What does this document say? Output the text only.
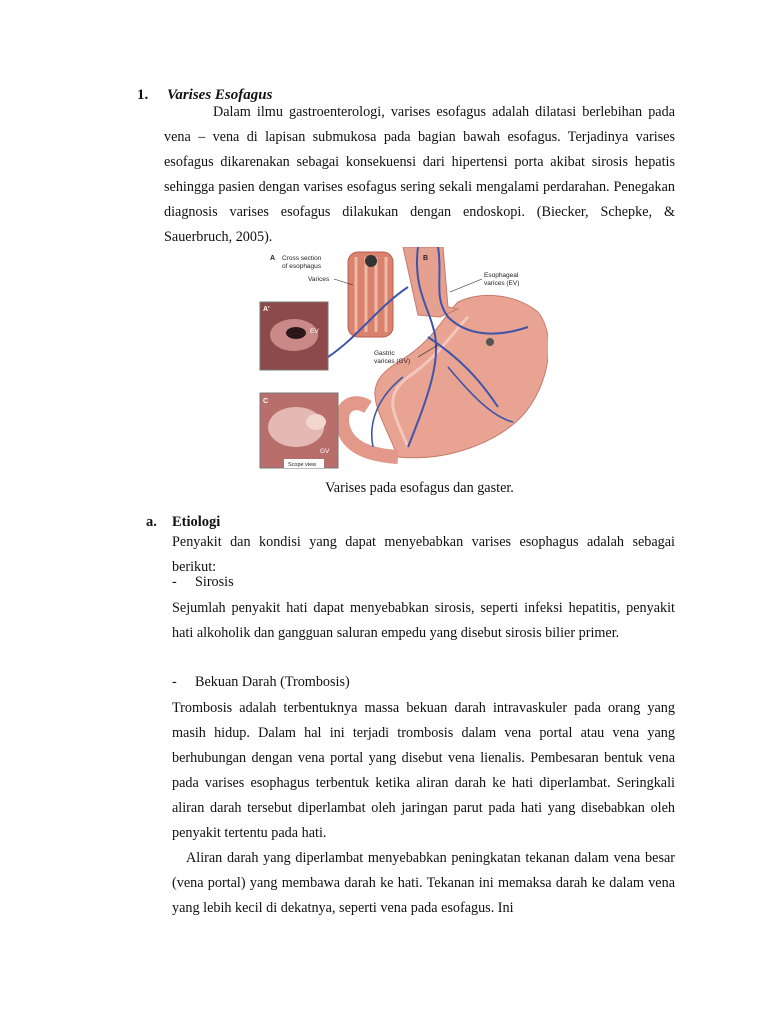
1. Varises Esofagus

Dalam ilmu gastroenterologi, varises esofagus adalah dilatasi berlebihan pada vena – vena di lapisan submukosa pada bagian bawah esofagus. Terjadinya varises esofagus dikarenakan sebagai konsekuensi dari hipertensi porta akibat sirosis hepatis sehingga pasien dengan varises esofagus sering sekali mengalami perdarahan. Penegakan diagnosis varises esofagus dilakukan dengan endoskopi. (Biecker, Schepke, & Sauerbruch, 2005).

A Cross section
of esophagus
Varices
B
Esophageal
varices (EV)
Gastric
varices (GV)
A'
EV
C
GV
Scope view
Varises pada esofagus dan gaster.
a. Etiologi

Penyakit dan kondisi yang dapat menyebabkan varises esophagus adalah sebagai berikut:

- Sirosis

Sejumlah penyakit hati dapat menyebabkan sirosis, seperti infeksi hepatitis, penyakit hati alkoholik dan gangguan saluran empedu yang disebut sirosis bilier primer.

- Bekuan Darah (Trombosis)

Trombosis adalah terbentuknya massa bekuan darah intravaskuler pada orang yang masih hidup. Dalam hal ini terjadi trombosis dalam vena portal atau vena yang berhubungan dengan vena portal yang disebut vena lienalis. Pembesaran bentuk vena pada varises esophagus terbentuk ketika aliran darah ke hati diperlambat. Seringkali aliran darah tersebut diperlambat oleh jaringan parut pada hati yang disebabkan oleh penyakit tertentu pada hati.

Aliran darah yang diperlambat menyebabkan peningkatan tekanan dalam vena besar (vena portal) yang membawa darah ke hati. Tekanan ini memaksa darah ke dalam vena yang lebih kecil di dekatnya, seperti vena pada esofagus. Ini
